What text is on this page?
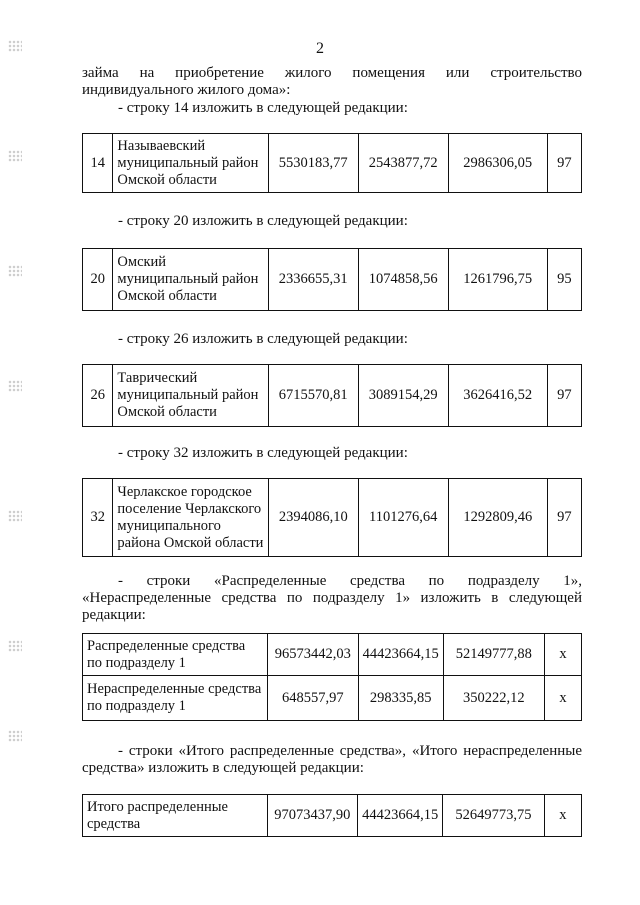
2
займа на приобретение жилого помещения или строительство
индивидуального жилого дома»:
- строку 14 изложить в следующей редакции:
14	Называевский
муниципальный район
Омской области	5530183,77	2543877,72	2986306,05	97
- строку 20 изложить в следующей редакции:
20	Омский
муниципальный район
Омской области	2336655,31	1074858,56	1261796,75	95
- строку 26 изложить в следующей редакции:
26	Таврический
муниципальный район
Омской области	6715570,81	3089154,29	3626416,52	97
- строку 32 изложить в следующей редакции:
32	Черлакское городское
поселение Черлакского
муниципального
района Омской области	2394086,10	1101276,64	1292809,46	97
- строки «Распределенные средства по подразделу 1»,
«Нераспределенные средства по подразделу 1» изложить в следующей
редакции:
Распределенные средства
по подразделу 1	96573442,03	44423664,15	52149777,88	x
Нераспределенные средства
по подразделу 1	648557,97	298335,85	350222,12	x
- строки «Итого распределенные средства», «Итого нераспределенные
средства» изложить в следующей редакции:
Итого распределенные
средства	97073437,90	44423664,15	52649773,75	x
